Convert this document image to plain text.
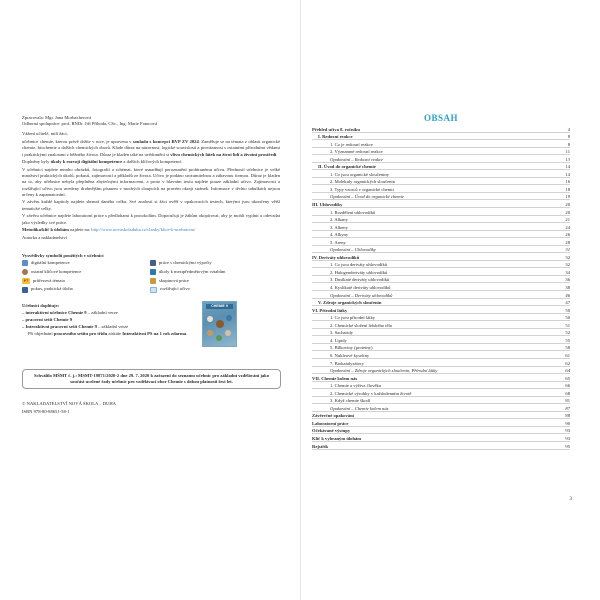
Zpracovala: Mgr. Jana Morbacherová
Odborná spolupráce: prof. RNDr. Jiří Příhoda, CSc., Ing. Marie Francová

Vážení učitelé, milí žáci,

učebnice chemie, kterou právě držíte v ruce, je upravena v souladu s koncepcí RVP ZV 2024. Zaměřuje se na témata z oblasti organické chemie, biochemie a dalších chemických oborů. Klade důraz na názornost, logické souvislosti a provázanost s ostatními přírodními vědami i praktickými znalostmi z běžného života. Důraz je kladen také na uvědomění si vlivu chemických látek na život lidí a životní prostředí.

Doplněny byly úkoly k rozvoji digitální kompetence a dalších klíčových kompetencí.

V učebnici najdete mnoho obrázků, fotografií a schémat, které usnadňují porozumění probíranému učivu. Předností učebnice je velké množství praktických úkolů, pokusů, zajímavostí a příkladů ze života. Učivo je podáno srozumitelnou a zábavnou formou. Důraz je kladen na to, aby učebnice nebyla přeplněna zbytečnými informacemi, a proto v hlavním textu najdete pouze základní učivo. Zajímavosti a rozšiřující učivo jsou uvedeny drobnějším písmem v modrých sloupcích na pravém okraji stránek. Informace v těchto tabulkách nejsou určeny k zapamatování.

V závěru každé kapitoly najdete shrnutí daného celku. Své znalosti si žáci ověří v opakovacích testech, kterými jsou ukončeny větší tematické celky.

V závěru učebnice najdete laboratorní práce s předlohami k protokolům. Doporučuji je žákům okopírovat, aby je mohli vyplnit a odevzdat jako výsledky své práce.

Metodika/klíč k úlohám najdete na: http://www.novaskoladuha.cz/clanky/klice-k-ucebnicim/

Autorka a nakladatelství

Vysvětlivky symbolů použitých v učebnici
digitální kompetence	práce s chemickými výpočty
ostatní klíčové kompetence	úkoly k mezipředmětovým vztahům
PT	průřezová témata	skupinová práce
pokus, praktická úloha	rozšiřující učivo
Učebnici doplňuje:
– interaktivní učebnice Chemie 9 – základní verze
– pracovní sešit Chemie 9
– Interaktivní pracovní sešit Chemie 9 – základní verze
Při objednání pracovního sešitu pro třídu získáte Interaktivní PS na 1 rok zdarma.
CHEMIE 9
Schválilo MŠMT č. j.: MSMT-19871/2020-2 dne 29. 7. 2020 k zařazení do seznamu učebnic pro základní vzdělávání jako součást ucelené řady učebnic pro vzdělávací obor Chemie s dobou platnosti šest let.
© NAKLADATELSTVÍ NOVÁ ŠKOLA – DUHA
ISBN 978-80-88651-58-1
OBSAH
Přehled učiva 8. ročníku	4
I. Redoxní reakce	8
1. Co je redoxní reakce	8
2. Významné redoxní reakce	11
Opakování – Redoxní reakce	13
II. Úvod do organické chemie	14
1. Co jsou organické sloučeniny	14
2. Molekuly organických sloučenin	16
3. Typy vzorců v organické chemii	18
Opakování – Úvod do organické chemie	19
III. Uhlovodíky	20
1. Rozdělení uhlovodíků	20
2. Alkany	21
3. Alkeny	24
4. Alkyny	26
5. Areny	28
Opakování – Uhlovodíky	31
IV. Deriváty uhlovodíků	32
1. Co jsou deriváty uhlovodíků	32
2. Halogenderiváty uhlovodíků	34
3. Dusíkaté deriváty uhlovodíků	36
4. Kyslíkaté deriváty uhlovodíků	38
Opakování – Deriváty uhlovodíků	46
V. Zdroje organických sloučenin	47
VI. Přírodní látky	50
1. Co jsou přírodní látky	50
2. Chemické složení lidského těla	51
3. Sacharidy	52
4. Lipidy	55
5. Bílkoviny (proteiny)	58
6. Nukleové kyseliny	61
7. Biokatalyzátory	62
Opakování – Zdroje organických sloučenin, Přírodní látky	64
VII. Chemie kolem nás	65
1. Chemie a výživa člověka	66
2. Chemické výrobky v každodenním životě	68
3. Když chemie škodí	81
Opakování – Chemie kolem nás	87
Závěrečné opakování	88
Laboratorní práce	90
Očekávané výstupy	93
Klíč k vybraným úlohám	93
Rejstřík	95
3
